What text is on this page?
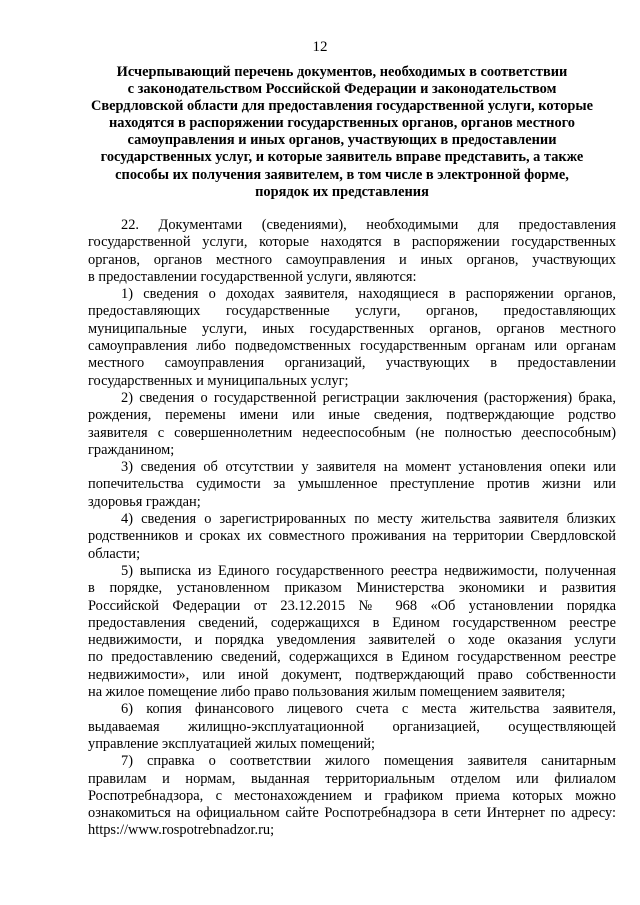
12
Исчерпывающий перечень документов, необходимых в соответствии
с законодательством Российской Федерации и законодательством
Свердловской области для предоставления государственной услуги, которые
находятся в распоряжении государственных органов, органов местного
самоуправления и иных органов, участвующих в предоставлении
государственных услуг, и которые заявитель вправе представить, а также
способы их получения заявителем, в том числе в электронной форме,
порядок их представления
22. Документами (сведениями), необходимыми для предоставления
государственной услуги, которые находятся в распоряжении государственных
органов, органов местного самоуправления и иных органов, участвующих
в предоставлении государственной услуги, являются:
1) сведения о доходах заявителя, находящиеся в распоряжении органов,
предоставляющих государственные услуги, органов, предоставляющих
муниципальные услуги, иных государственных органов, органов местного
самоуправления либо подведомственных государственным органам или органам
местного самоуправления организаций, участвующих в предоставлении
государственных и муниципальных услуг;
2) сведения о государственной регистрации заключения (расторжения) брака,
рождения, перемены имени или иные сведения, подтверждающие родство
заявителя с совершеннолетним недееспособным (не полностью дееспособным)
гражданином;
3) сведения об отсутствии у заявителя на момент установления опеки или
попечительства судимости за умышленное преступление против жизни или
здоровья граждан;
4) сведения о зарегистрированных по месту жительства заявителя близких
родственников и сроках их совместного проживания на территории Свердловской
области;
5) выписка из Единого государственного реестра недвижимости, полученная
в порядке, установленном приказом Министерства экономики и развития
Российской Федерации от 23.12.2015 № 968 «Об установлении порядка
предоставления сведений, содержащихся в Едином государственном реестре
недвижимости, и порядка уведомления заявителей о ходе оказания услуги
по предоставлению сведений, содержащихся в Едином государственном реестре
недвижимости», или иной документ, подтверждающий право собственности
на жилое помещение либо право пользования жилым помещением заявителя;
6) копия финансового лицевого счета с места жительства заявителя,
выдаваемая жилищно-эксплуатационной организацией, осуществляющей
управление эксплуатацией жилых помещений;
7) справка о соответствии жилого помещения заявителя санитарным
правилам и нормам, выданная территориальным отделом или филиалом
Роспотребнадзора, с местонахождением и графиком приема которых можно
ознакомиться на официальном сайте Роспотребнадзора в сети Интернет по адресу:
https://www.rospotrebnadzor.ru;
